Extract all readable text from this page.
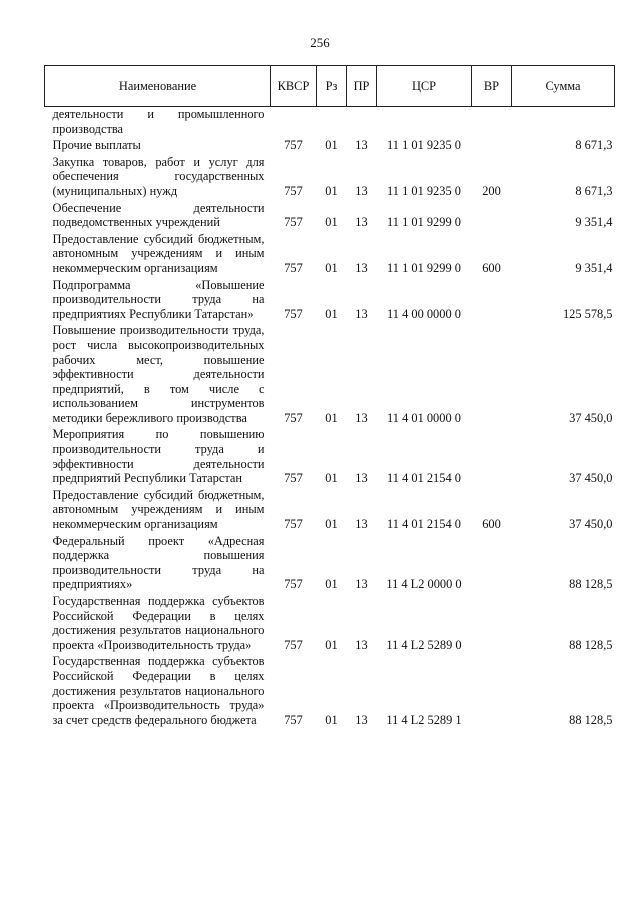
256
Наименование	КВСР	Рз	ПР	ЦСР	ВР	Сумма
деятельности и промышленного производства						
Прочие выплаты	757	01	13	11 1 01 9235 0		8 671,3
Закупка товаров, работ и услуг для обеспечения государственных (муниципальных) нужд	757	01	13	11 1 01 9235 0	200	8 671,3
Обеспечение деятельности подведомственных учреждений	757	01	13	11 1 01 9299 0		9 351,4
Предоставление субсидий бюджетным, автономным учреждениям и иным некоммерческим организациям	757	01	13	11 1 01 9299 0	600	9 351,4
Подпрограмма «Повышение производительности труда на предприятиях Республики Татарстан»	757	01	13	11 4 00 0000 0		125 578,5
Повышение производительности труда, рост числа высокопроизводительных рабочих мест, повышение эффективности деятельности предприятий, в том числе с использованием инструментов методики бережливого производства	757	01	13	11 4 01 0000 0		37 450,0
Мероприятия по повышению производительности труда и эффективности деятельности предприятий Республики Татарстан	757	01	13	11 4 01 2154 0		37 450,0
Предоставление субсидий бюджетным, автономным учреждениям и иным некоммерческим организациям	757	01	13	11 4 01 2154 0	600	37 450,0
Федеральный проект «Адресная поддержка повышения производительности труда на предприятиях»	757	01	13	11 4 L2 0000 0		88 128,5
Государственная поддержка субъектов Российской Федерации в целях достижения результатов национального проекта «Производительность труда»	757	01	13	11 4 L2 5289 0		88 128,5
Государственная поддержка субъектов Российской Федерации в целях достижения результатов национального проекта «Производительность труда» за счет средств федерального бюджета	757	01	13	11 4 L2 5289 1		88 128,5
